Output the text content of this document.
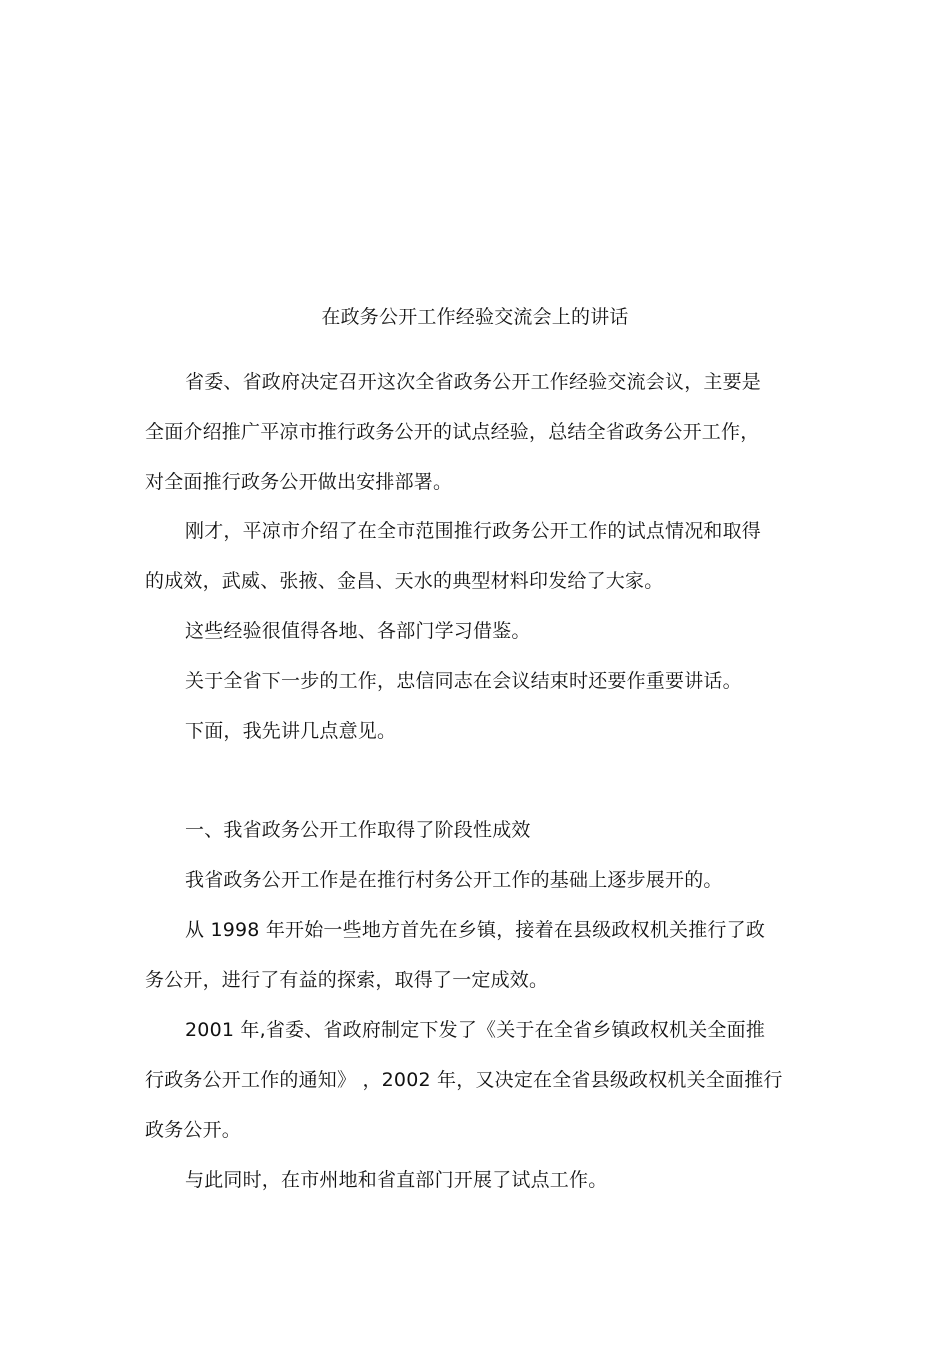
在政务公开工作经验交流会上的讲话

省委、省政府决定召开这次全省政务公开工作经验交流会议，主要是

全面介绍推广平凉市推行政务公开的试点经验，总结全省政务公开工作，

对全面推行政务公开做出安排部署。

刚才，平凉市介绍了在全市范围推行政务公开工作的试点情况和取得

的成效，武威、张掖、金昌、天水的典型材料印发给了大家。

这些经验很值得各地、各部门学习借鉴。

关于全省下一步的工作，忠信同志在会议结束时还要作重要讲话。

下面，我先讲几点意见。

一、我省政务公开工作取得了阶段性成效

我省政务公开工作是在推行村务公开工作的基础上逐步展开的。

从 1998 年开始一些地方首先在乡镇，接着在县级政权机关推行了政

务公开，进行了有益的探索，取得了一定成效。

2001 年,省委、省政府制定下发了《关于在全省乡镇政权机关全面推

行政务公开工作的通知》 ，2002 年，又决定在全省县级政权机关全面推行

政务公开。

与此同时，在市州地和省直部门开展了试点工作。
